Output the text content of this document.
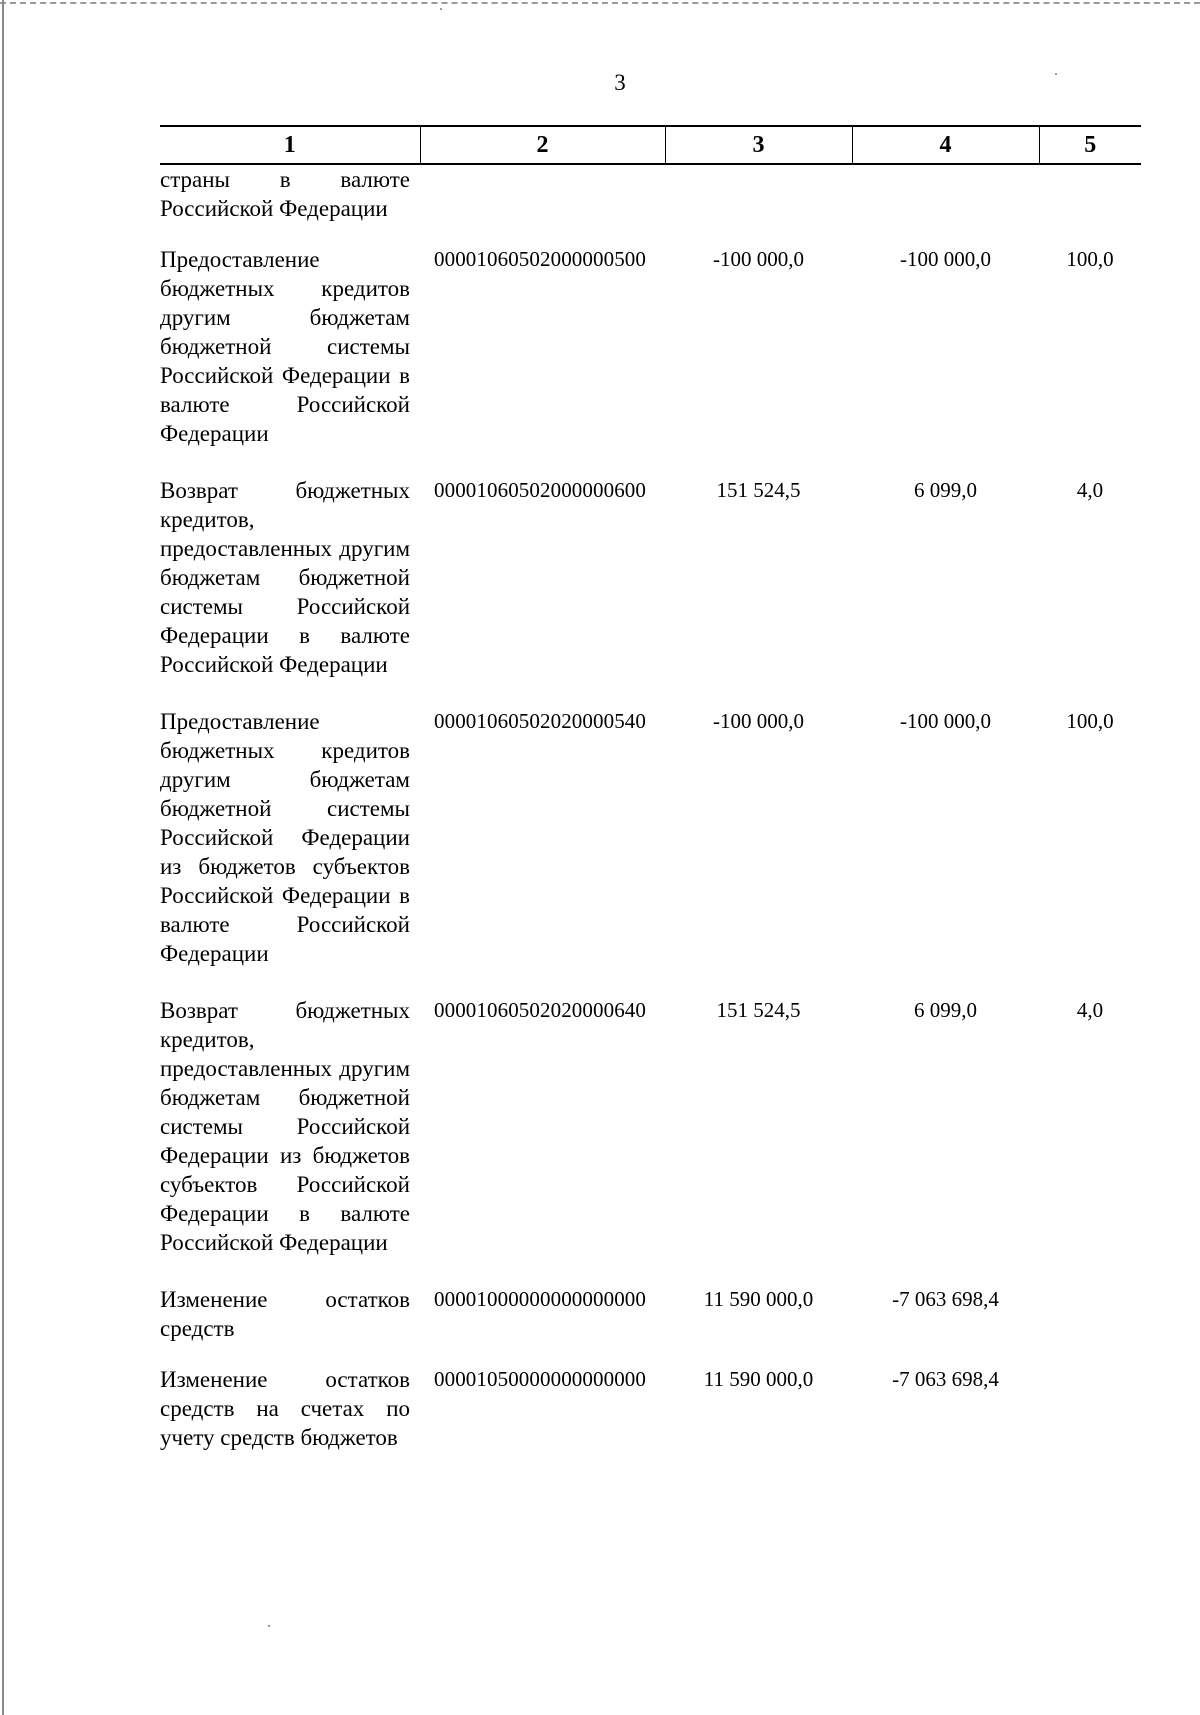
3
1	2	3	4	5
страны в валюте Российской Федерации				
Предоставление бюджетных кредитов другим бюджетам бюджетной системы Российской Федерации в валюте Российской Федерации	00001060502000000500	-100 000,0	-100 000,0	100,0
Возврат бюджетных кредитов, предоставленных другим бюджетам бюджетной системы Российской Федерации в валюте Российской Федерации	00001060502000000600	151 524,5	6 099,0	4,0
Предоставление бюджетных кредитов другим бюджетам бюджетной системы Российской Федерации из бюджетов субъектов Российской Федерации в валюте Российской Федерации	00001060502020000540	-100 000,0	-100 000,0	100,0
Возврат бюджетных кредитов, предоставленных другим бюджетам бюджетной системы Российской Федерации из бюджетов субъектов Российской Федерации в валюте Российской Федерации	00001060502020000640	151 524,5	6 099,0	4,0
Изменение остатков средств	00001000000000000000	11 590 000,0	-7 063 698,4	
Изменение остатков средств на счетах по учету средств бюджетов	00001050000000000000	11 590 000,0	-7 063 698,4	
